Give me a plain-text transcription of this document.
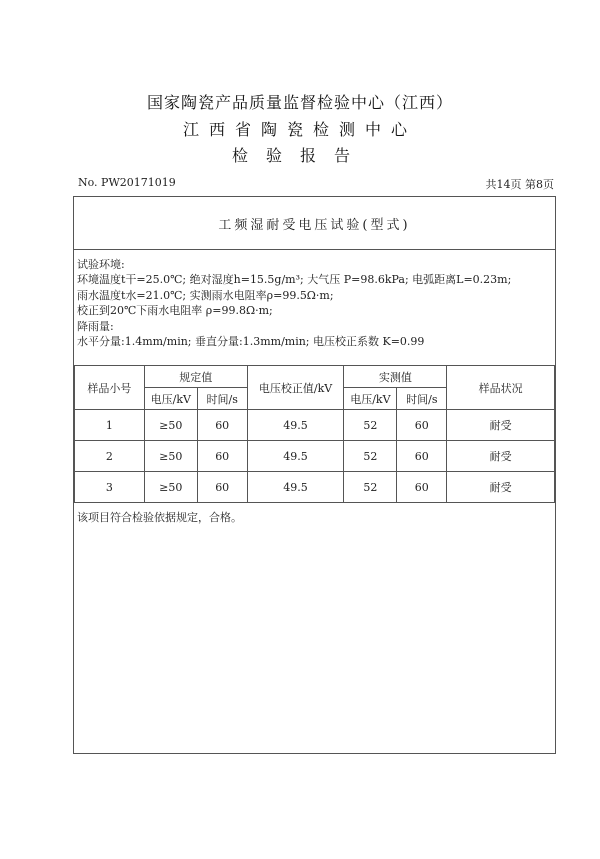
国家陶瓷产品质量监督检验中心（江西）
江西省陶瓷检测中心
检验报告
No. PW20171019	共14页 第8页
工频湿耐受电压试验(型式)
试验环境:
环境温度t干=25.0℃; 绝对湿度h=15.5g/m³; 大气压 P=98.6kPa; 电弧距离L=0.23m;
雨水温度t水=21.0℃; 实测雨水电阻率ρ=99.5Ω·m;
校正到20℃下雨水电阻率 ρ=99.8Ω·m;
降雨量:
水平分量:1.4mm/min; 垂直分量:1.3mm/min; 电压校正系数 K=0.99
样品小号	规定值		电压校正值/kV	实测值		样品状况
	电压/kV	时间/s		电压/kV	时间/s	
1	≥50	60	49.5	52	60	耐受
2	≥50	60	49.5	52	60	耐受
3	≥50	60	49.5	52	60	耐受
该项目符合检验依据规定，合格。
